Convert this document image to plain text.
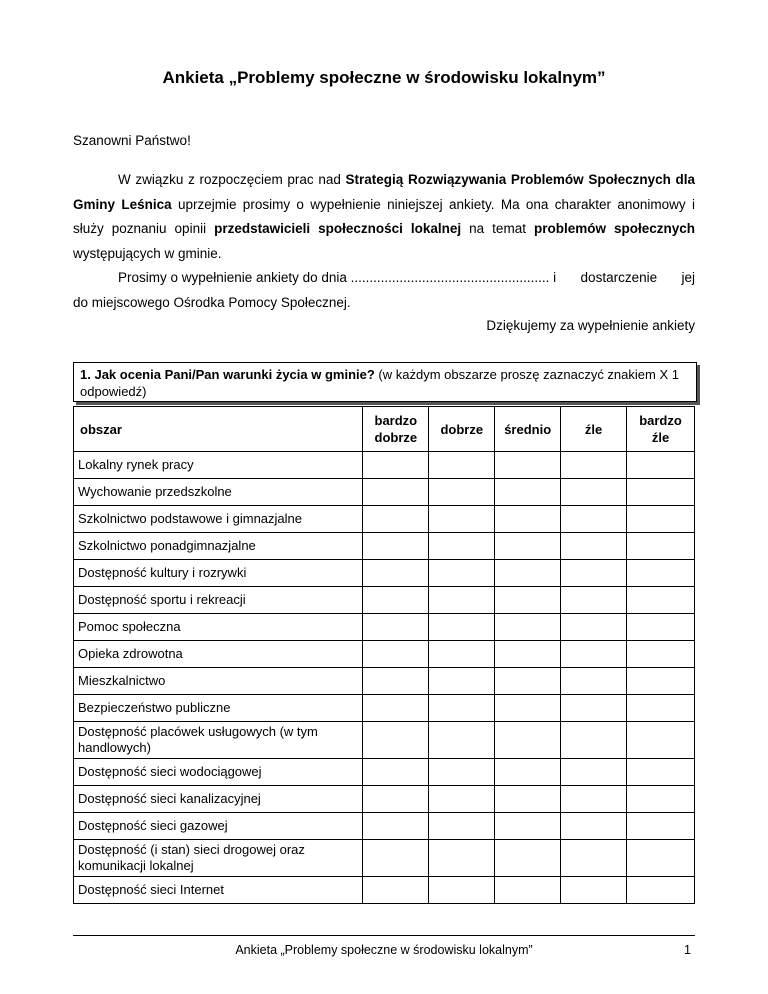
Ankieta „Problemy społeczne w środowisku lokalnym”
Szanowni Państwo!

W związku z rozpoczęciem prac nad Strategią Rozwiązywania Problemów Społecznych dla Gminy Leśnica uprzejmie prosimy o wypełnienie niniejszej ankiety. Ma ona charakter anonimowy i służy poznaniu opinii przedstawicieli społeczności lokalnej na temat problemów społecznych występujących w gminie.

Prosimy o wypełnienie ankiety do dnia ..................................................... i dostarczenie jej
do miejscowego Ośrodka Pomocy Społecznej.
Dziękujemy za wypełnienie ankiety
1. Jak ocenia Pani/Pan warunki życia w gminie? (w każdym obszarze proszę zaznaczyć znakiem X 1 odpowiedź)
obszar	bardzo dobrze	dobrze	średnio	źle	bardzo źle
Lokalny rynek pracy					
Wychowanie przedszkolne					
Szkolnictwo podstawowe i gimnazjalne					
Szkolnictwo ponadgimnazjalne					
Dostępność kultury i rozrywki					
Dostępność sportu i rekreacji					
Pomoc społeczna					
Opieka zdrowotna					
Mieszkalnictwo					
Bezpieczeństwo publiczne					
Dostępność placówek usługowych (w tym handlowych)					
Dostępność sieci wodociągowej					
Dostępność sieci kanalizacyjnej					
Dostępność sieci gazowej					
Dostępność (i stan) sieci drogowej oraz komunikacji lokalnej					
Dostępność sieci Internet					
Ankieta „Problemy społeczne w środowisku lokalnym”	1
